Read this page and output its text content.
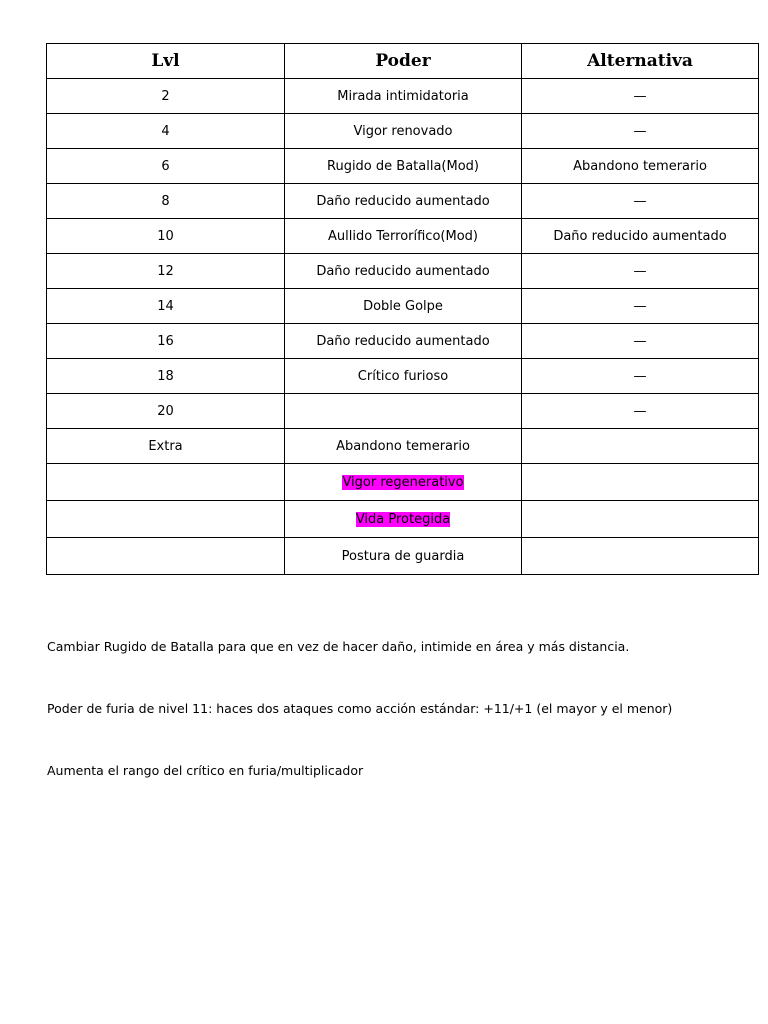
Lvl	Poder	Alternativa
2	Mirada intimidatoria	—
4	Vigor renovado	—
6	Rugido de Batalla(Mod)	Abandono temerario
8	Daño reducido aumentado	—
10	Aullido Terrorífico(Mod)	Daño reducido aumentado
12	Daño reducido aumentado	—
14	Doble Golpe	—
16	Daño reducido aumentado	—
18	Crítico furioso	—
20		—
Extra	Abandono temerario	
	Vigor regenerativo	
	Vida Protegida	
	Postura de guardia	

Cambiar Rugido de Batalla para que en vez de hacer daño, intimide en área y más distancia.

Poder de furia de nivel 11: haces dos ataques como acción estándar: +11/+1 (el mayor y el menor)

Aumenta el rango del crítico en furia/multiplicador
